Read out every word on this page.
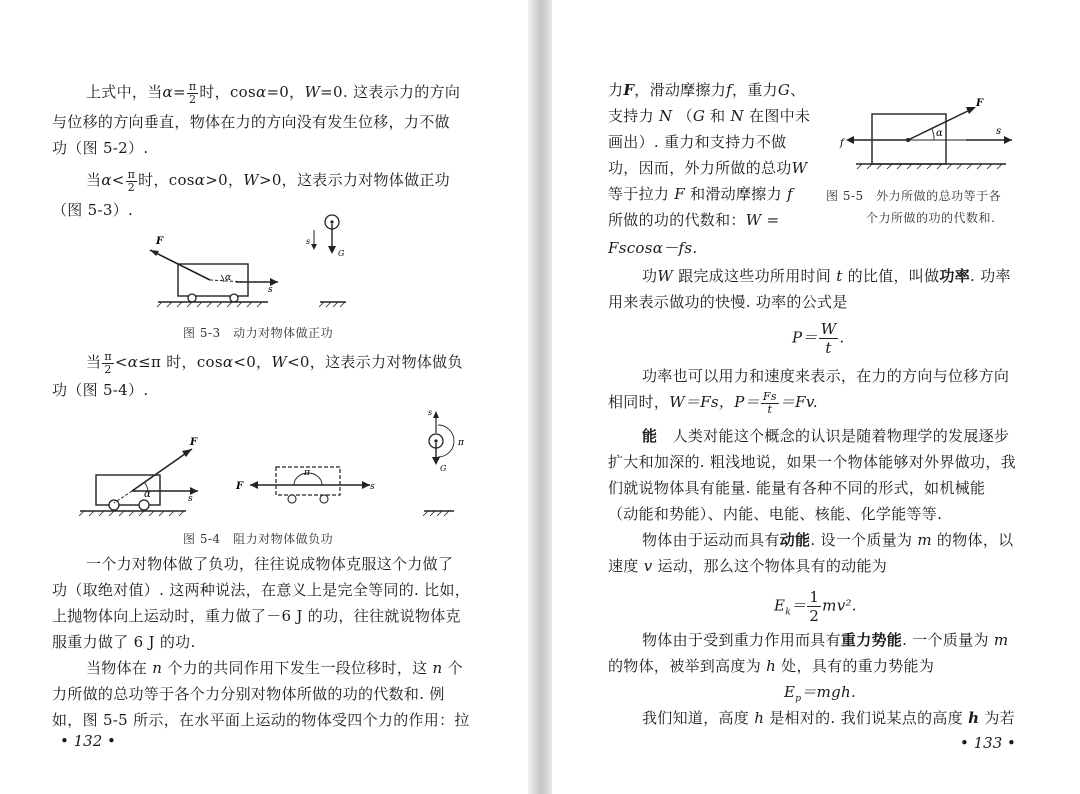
上式中，当$\alpha= \frac{\pi}{2}$ 时，cosα=0，W=0. 这表示力的方向
与位移的方向垂直，物体在力的方向没有发生位移，力不做
功（图 5-2）.
当$\alpha< \frac{\pi}{2}$ 时，cosα>0，W>0，这表示力对物体做正功
（图 5-3）.
α
F
s
s
G
图 5-3　动力对物体做正功
$\frac{\pi}{2} <\alpha\le\pi$ 时，cosα<0，W<0，这表示力对物体做负
功（图 5-4）.
当
α
F
s
π
F	s
s
π
G
图 5-4　阻力对物体做负功
一个力对物体做了负功，往往说成物体克服这个力做了
功（取绝对值）. 这两种说法，在意义上是完全等同的. 比如，
上抛物体向上运动时，重力做了－6 J 的功，往往就说物体克
服重力做了 6 J 的功.
当物体在 n 个力的共同作用下发生一段位移时，这 n 个
力所做的总功等于各个力分别对物体所做的功的代数和. 例
如，图 5-5 所示，在水平面上运动的物体受四个力的作用：拉
• 132 •
力F，滑动摩擦力f，重力G、
支持力 N （G 和 N 在图中未
画出）. 重力和支持力不做
功，因而，外力所做的总功W
等于拉力 F 和滑动摩擦力 f
所做的功的代数和：W =
Fscosα－fs.
α
F
f
s
图 5-5　外力所做的总功等于各
个力所做的功的代数和.
功W 跟完成这些功所用时间 t 的比值，叫做功率. 功率
用来表示做功的快慢. 功率的公式是
$P= \frac{W}{t}$ .
功率也可以用力和速度来表示，在力的方向与位移方向
相同时，W＝Fs，$P= \frac{Fs}{t} =Fv$.
能　人类对能这个概念的认识是随着物理学的发展逐步
扩大和加深的. 粗浅地说，如果一个物体能够对外界做功，我
们就说物体具有能量. 能量有各种不同的形式，如机械能
（动能和势能）、内能、电能、核能、化学能等等.
物体由于运动而具有动能. 设一个质量为 m 的物体，以
速度 v 运动，那么这个物体具有的动能为
$E_k= \frac{1}{2} mv^2$.
物体由于受到重力作用而具有重力势能. 一个质量为 m
的物体，被举到高度为 h 处，具有的重力势能为
$E_p=mgh$.
我们知道，高度 h 是相对的. 我们说某点的高度 h 为若
• 133 •
